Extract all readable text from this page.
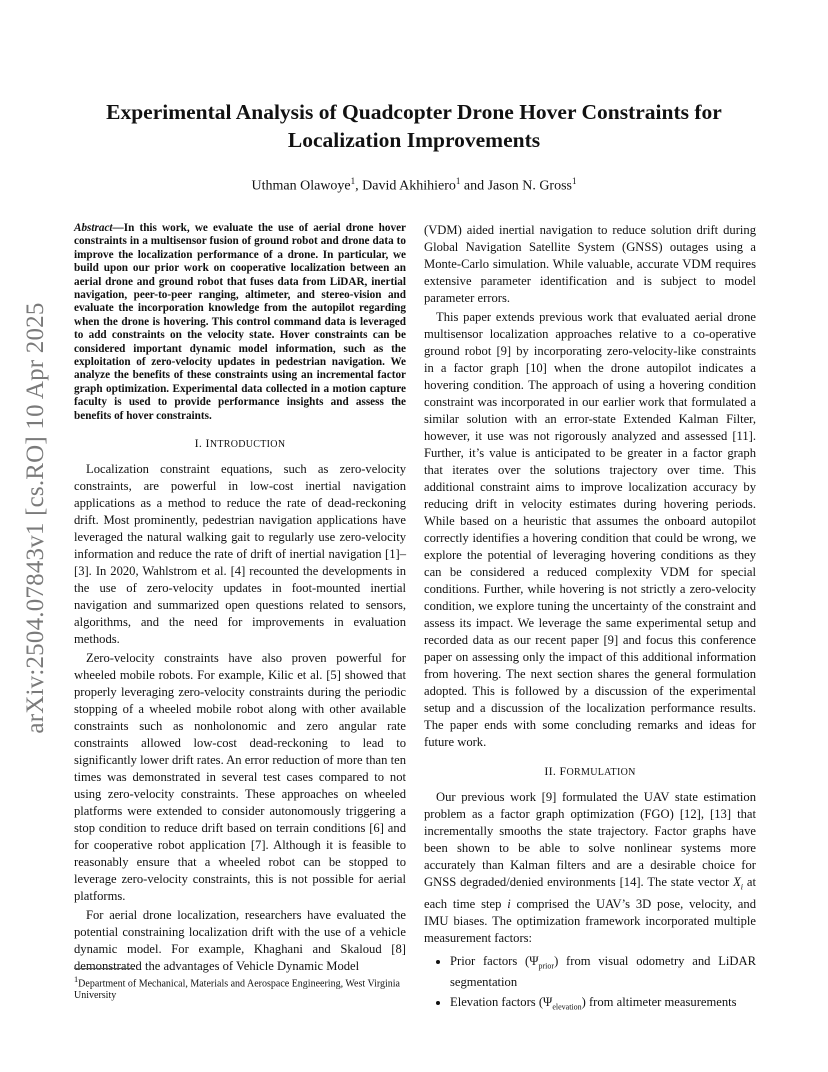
arXiv:2504.07843v1 [cs.RO] 10 Apr 2025
Experimental Analysis of Quadcopter Drone Hover Constraints for
Localization Improvements
Uthman Olawoye$^1$, David Akhihiero$^1$ and Jason N. Gross$^1$
Abstract—In this work, we evaluate the use of aerial drone hover constraints in a multisensor fusion of ground robot and drone data to improve the localization performance of a drone. In particular, we build upon our prior work on cooperative localization between an aerial drone and ground robot that fuses data from LiDAR, inertial navigation, peer-to-peer ranging, altimeter, and stereo-vision and evaluate the incorporation knowledge from the autopilot regarding when the drone is hovering. This control command data is leveraged to add constraints on the velocity state. Hover constraints can be considered important dynamic model information, such as the exploitation of zero-velocity updates in pedestrian navigation. We analyze the benefits of these constraints using an incremental factor graph optimization. Experimental data collected in a motion capture faculty is used to provide performance insights and assess the benefits of hover constraints.
I. INTRODUCTION

Localization constraint equations, such as zero-velocity constraints, are powerful in low-cost inertial navigation applications as a method to reduce the rate of dead-reckoning drift. Most prominently, pedestrian navigation applications have leveraged the natural walking gait to regularly use zero-velocity information and reduce the rate of drift of inertial navigation [1]–[3]. In 2020, Wahlstrom et al. [4] recounted the developments in the use of zero-velocity updates in foot-mounted inertial navigation and summarized open questions related to sensors, algorithms, and the need for improvements in evaluation methods.

Zero-velocity constraints have also proven powerful for wheeled mobile robots. For example, Kilic et al. [5] showed that properly leveraging zero-velocity constraints during the periodic stopping of a wheeled mobile robot along with other available constraints such as nonholonomic and zero angular rate constraints allowed low-cost dead-reckoning to lead to significantly lower drift rates. An error reduction of more than ten times was demonstrated in several test cases compared to not using zero-velocity constraints. These approaches on wheeled platforms were extended to consider autonomously triggering a stop condition to reduce drift based on terrain conditions [6] and for cooperative robot application [7]. Although it is feasible to reasonably ensure that a wheeled robot can be stopped to leverage zero-velocity constraints, this is not possible for aerial platforms.

For aerial drone localization, researchers have evaluated the potential constraining localization drift with the use of a vehicle dynamic model. For example, Khaghani and Skaloud [8] demonstrated the advantages of Vehicle Dynamic Model

$^1$Department of Mechanical, Materials and Aerospace Engineering, West Virginia University

(VDM) aided inertial navigation to reduce solution drift during Global Navigation Satellite System (GNSS) outages using a Monte-Carlo simulation. While valuable, accurate VDM requires extensive parameter identification and is subject to model parameter errors.

This paper extends previous work that evaluated aerial drone multisensor localization approaches relative to a co-operative ground robot [9] by incorporating zero-velocity-like constraints in a factor graph [10] when the drone autopilot indicates a hovering condition. The approach of using a hovering condition constraint was incorporated in our earlier work that formulated a similar solution with an error-state Extended Kalman Filter, however, it use was not rigorously analyzed and assessed [11]. Further, it’s value is anticipated to be greater in a factor graph that iterates over the solutions trajectory over time. This additional constraint aims to improve localization accuracy by reducing drift in velocity estimates during hovering periods. While based on a heuristic that assumes the onboard autopilot correctly identifies a hovering condition that could be wrong, we explore the potential of leveraging hovering conditions as they can be considered a reduced complexity VDM for special conditions. Further, while hovering is not strictly a zero-velocity condition, we explore tuning the uncertainty of the constraint and assess its impact. We leverage the same experimental setup and recorded data as our recent paper [9] and focus this conference paper on assessing only the impact of this additional information from hovering. The next section shares the general formulation adopted. This is followed by a discussion of the experimental setup and a discussion of the localization performance results. The paper ends with some concluding remarks and ideas for future work.

II. FORMULATION

Our previous work [9] formulated the UAV state estimation problem as a factor graph optimization (FGO) [12], [13] that incrementally smooths the state trajectory. Factor graphs have been shown to be able to solve nonlinear systems more accurately than Kalman filters and are a desirable choice for GNSS degraded/denied environments [14]. The state vector $X_i$ at each time step i comprised the UAV’s 3D pose, velocity, and IMU biases. The optimization framework incorporated multiple measurement factors:

• Prior factors $(\Psi_{prior})$ from visual odometry and LiDAR segmentation
• Elevation factors $(\Psi_{elevation})$ from altimeter measurements
